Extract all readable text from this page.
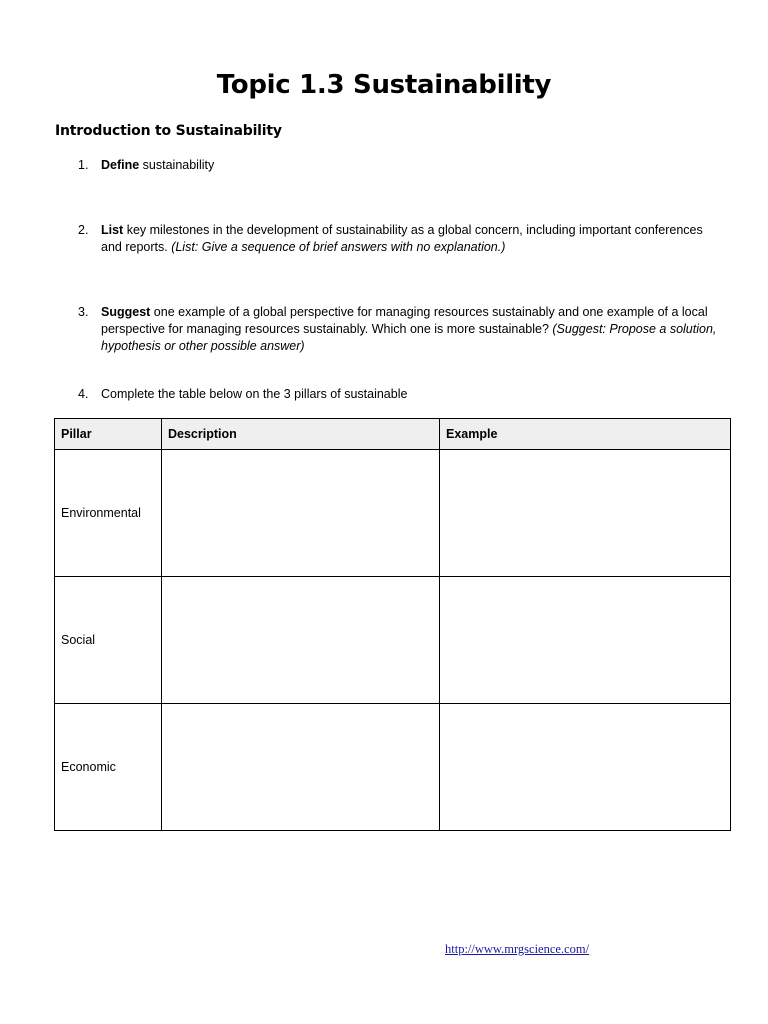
Topic 1.3 Sustainability
Introduction to Sustainability
1.	Define sustainability
2.	List key milestones in the development of sustainability as a global concern, including important conferences and reports. (List: Give a sequence of brief answers with no explanation.)
3.	Suggest one example of a global perspective for managing resources sustainably and one example of a local perspective for managing resources sustainably. Which one is more sustainable? (Suggest: Propose a solution, hypothesis or other possible answer)
4.	Complete the table below on the 3 pillars of sustainable
Pillar	Description	Example
Environmental		
Social		
Economic		
http://www.mrgscience.com/
